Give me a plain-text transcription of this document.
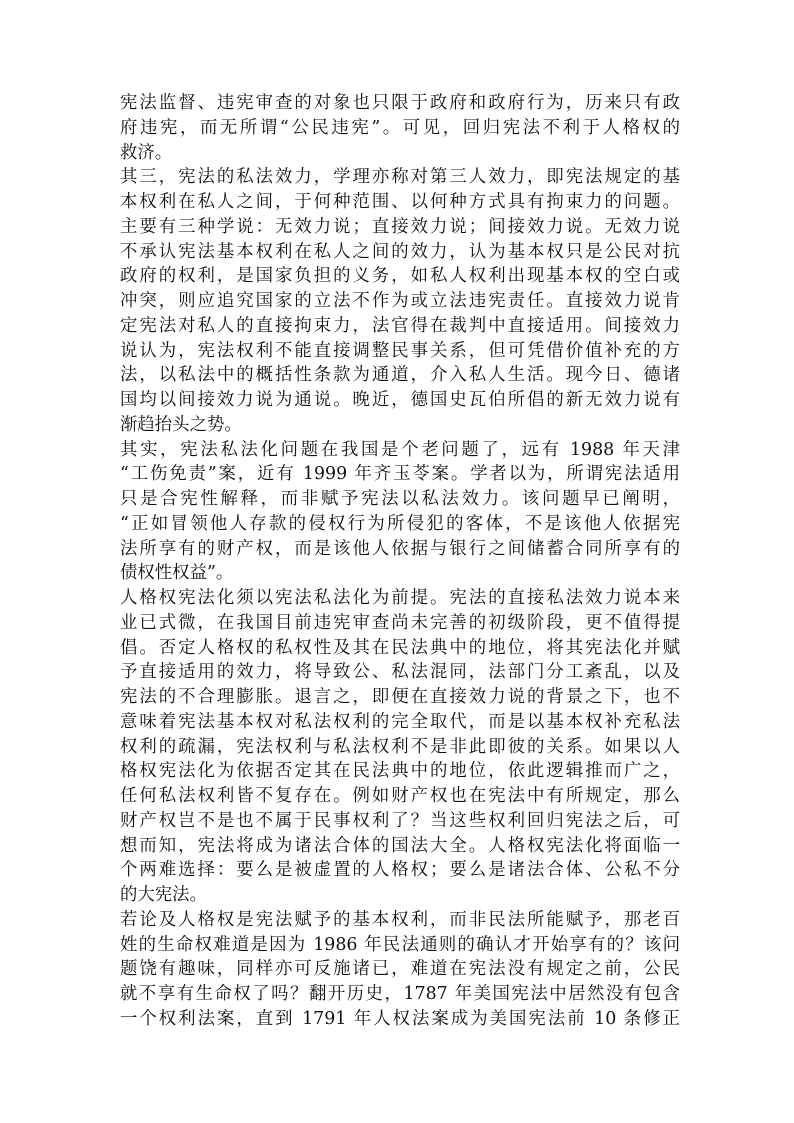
宪法监督、违宪审查的对象也只限于政府和政府行为，历来只有政
府违宪，而无所谓“公民违宪”。可见，回归宪法不利于人格权的
救济。
其三，宪法的私法效力，学理亦称对第三人效力，即宪法规定的基
本权利在私人之间，于何种范围、以何种方式具有拘束力的问题。
主要有三种学说：无效力说；直接效力说；间接效力说。无效力说
不承认宪法基本权利在私人之间的效力，认为基本权只是公民对抗
政府的权利，是国家负担的义务，如私人权利出现基本权的空白或
冲突，则应追究国家的立法不作为或立法违宪责任。直接效力说肯
定宪法对私人的直接拘束力，法官得在裁判中直接适用。间接效力
说认为，宪法权利不能直接调整民事关系，但可凭借价值补充的方
法，以私法中的概括性条款为通道，介入私人生活。现今日、德诸
国均以间接效力说为通说。晚近，德国史瓦伯所倡的新无效力说有
渐趋抬头之势。
其实，宪法私法化问题在我国是个老问题了，远有 1988 年天津
“工伤免责”案，近有 1999 年齐玉苓案。学者以为，所谓宪法适用
只是合宪性解释，而非赋予宪法以私法效力。该问题早已阐明，
“正如冒领他人存款的侵权行为所侵犯的客体，不是该他人依据宪
法所享有的财产权，而是该他人依据与银行之间储蓄合同所享有的
债权性权益”。
人格权宪法化须以宪法私法化为前提。宪法的直接私法效力说本来
业已式微，在我国目前违宪审查尚未完善的初级阶段，更不值得提
倡。否定人格权的私权性及其在民法典中的地位，将其宪法化并赋
予直接适用的效力，将导致公、私法混同，法部门分工紊乱，以及
宪法的不合理膨胀。退言之，即便在直接效力说的背景之下，也不
意味着宪法基本权对私法权利的完全取代，而是以基本权补充私法
权利的疏漏，宪法权利与私法权利不是非此即彼的关系。如果以人
格权宪法化为依据否定其在民法典中的地位，依此逻辑推而广之，
任何私法权利皆不复存在。例如财产权也在宪法中有所规定，那么
财产权岂不是也不属于民事权利了？当这些权利回归宪法之后，可
想而知，宪法将成为诸法合体的国法大全。人格权宪法化将面临一
个两难选择：要么是被虚置的人格权；要么是诸法合体、公私不分
的大宪法。
若论及人格权是宪法赋予的基本权利，而非民法所能赋予，那老百
姓的生命权难道是因为 1986 年民法通则的确认才开始享有的？该问
题饶有趣味，同样亦可反施诸已，难道在宪法没有规定之前，公民
就不享有生命权了吗？翻开历史，1787 年美国宪法中居然没有包含
一个权利法案，直到 1791 年人权法案成为美国宪法前 10 条修正
